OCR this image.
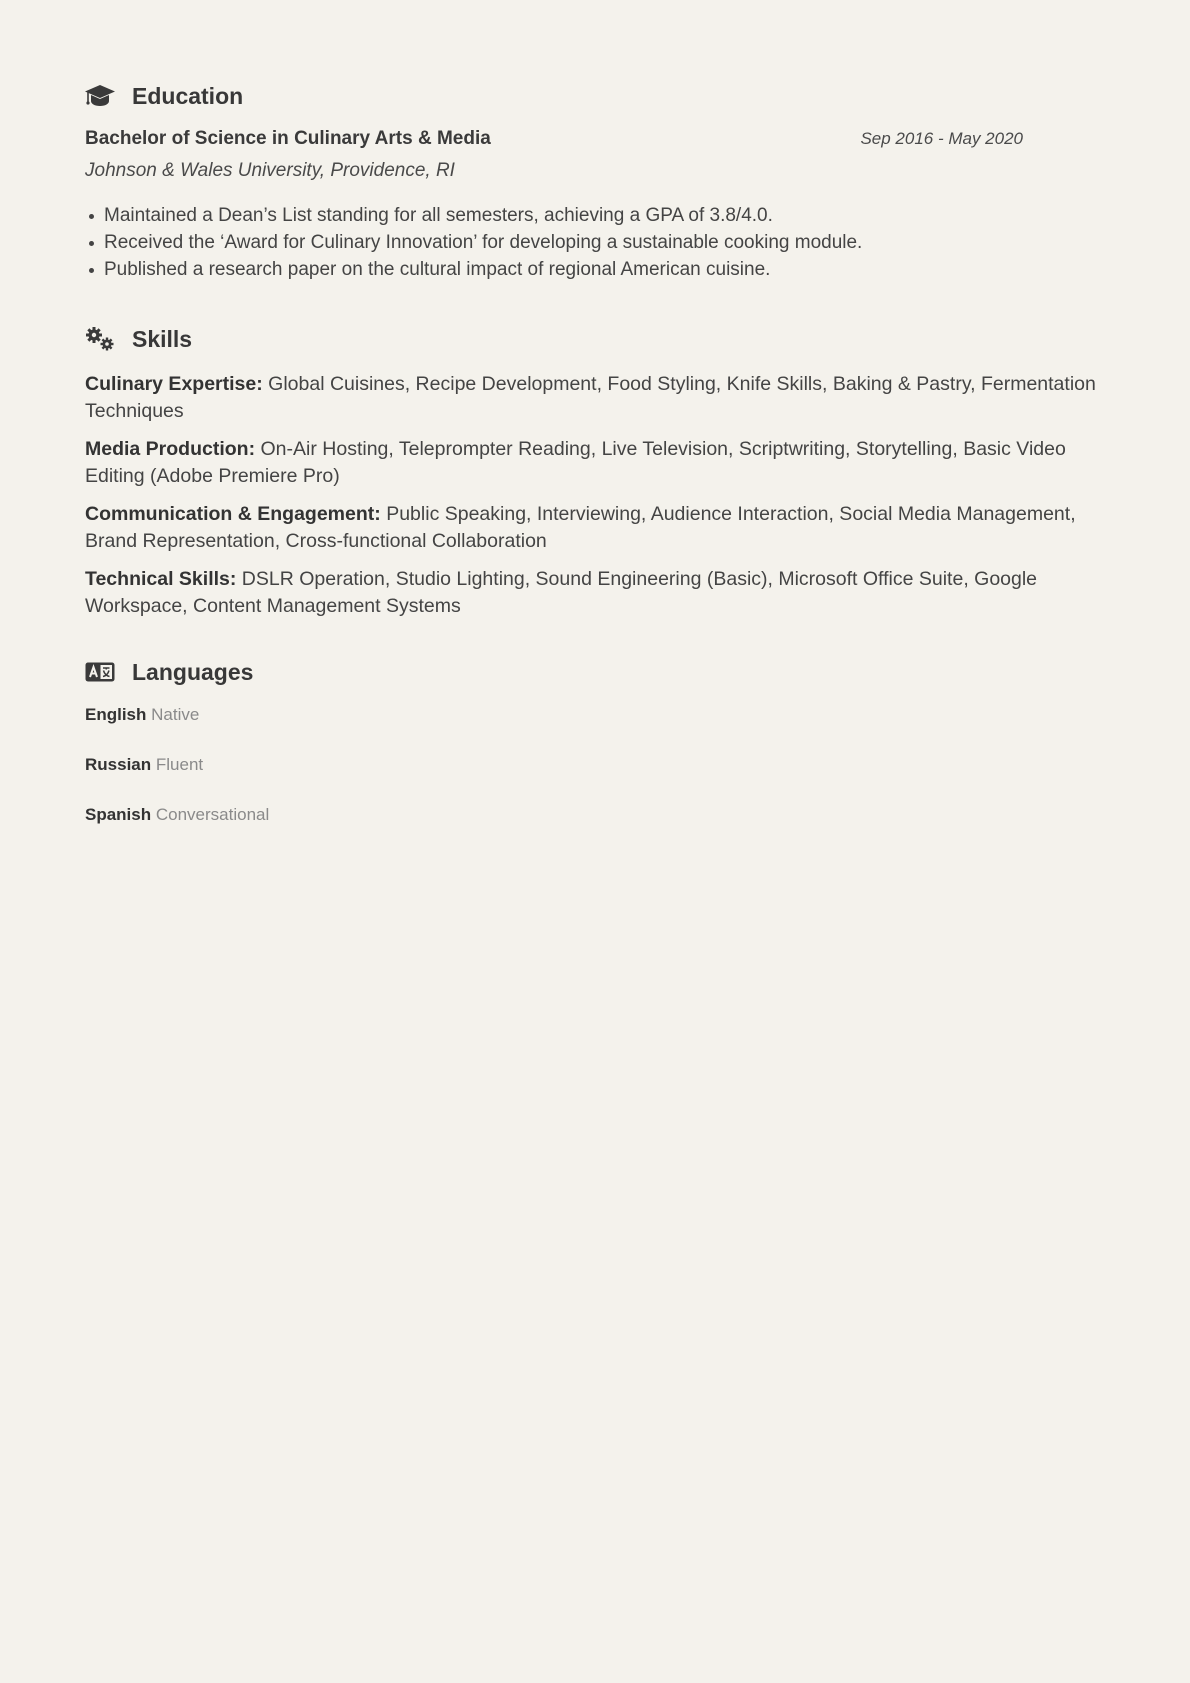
Education
Bachelor of Science in Culinary Arts & Media	Sep 2016 - May 2020
Johnson & Wales University, Providence, RI
Maintained a Dean’s List standing for all semesters, achieving a GPA of 3.8/4.0.
Received the ‘Award for Culinary Innovation’ for developing a sustainable cooking module.
Published a research paper on the cultural impact of regional American cuisine.
Skills
Culinary Expertise: Global Cuisines, Recipe Development, Food Styling, Knife Skills, Baking & Pastry, Fermentation Techniques
Media Production: On-Air Hosting, Teleprompter Reading, Live Television, Scriptwriting, Storytelling, Basic Video Editing (Adobe Premiere Pro)
Communication & Engagement: Public Speaking, Interviewing, Audience Interaction, Social Media Management, Brand Representation, Cross-functional Collaboration
Technical Skills: DSLR Operation, Studio Lighting, Sound Engineering (Basic), Microsoft Office Suite, Google Workspace, Content Management Systems
Languages
English Native
Russian Fluent
Spanish Conversational
